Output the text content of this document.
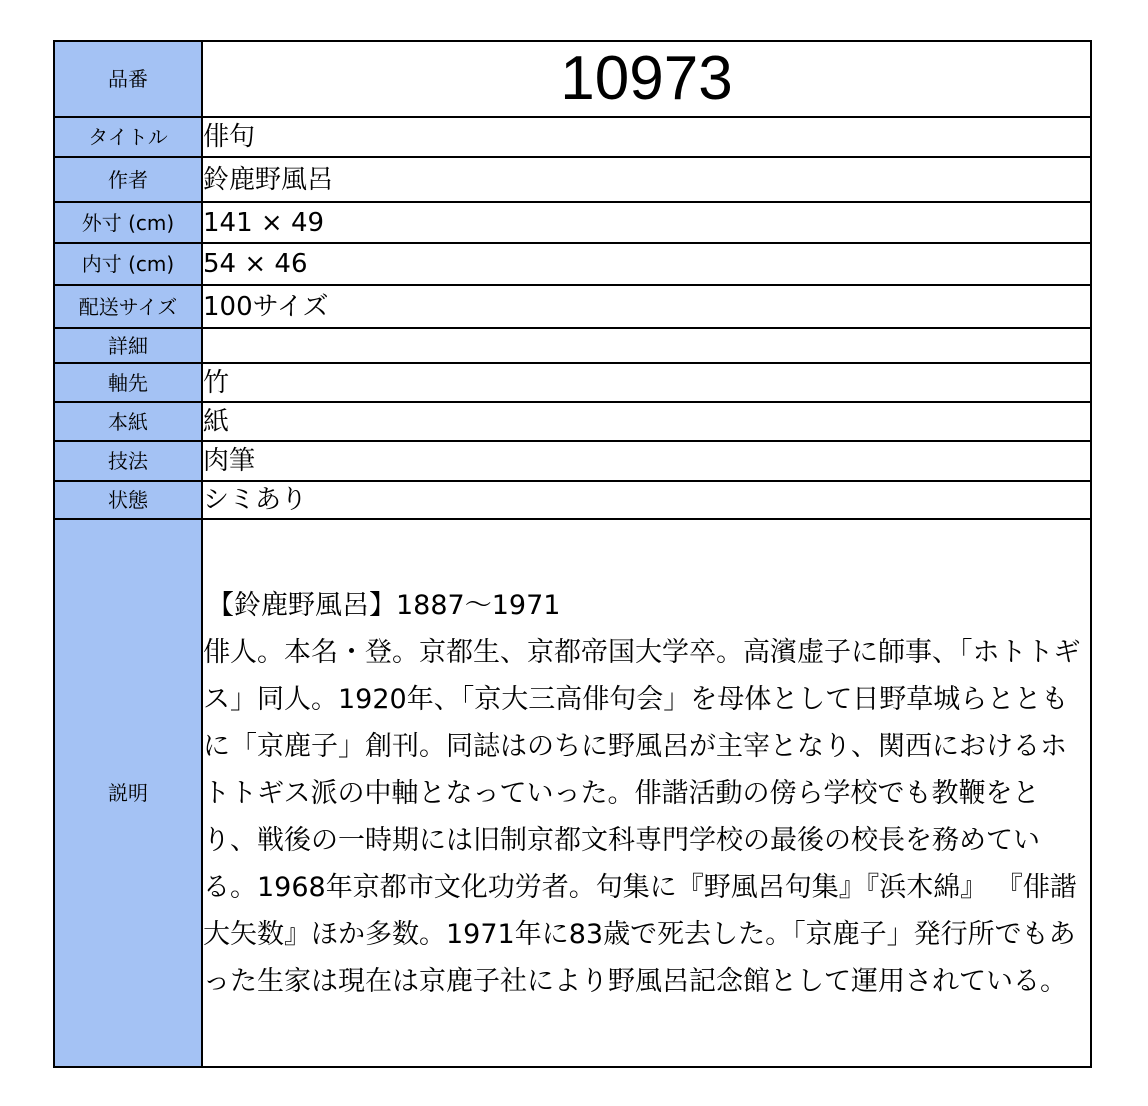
品番	10973
タイトル	俳句
作者	鈴鹿野風呂
外寸 (cm)	141 × 49
内寸 (cm)	54 × 46
配送サイズ	100サイズ
詳細	
軸先	竹
本紙	紙
技法	肉筆
状態	シミあり
説明	【鈴鹿野風呂】1887〜1971

俳人。本名・登。京都生、京都帝国大学卒。高濱虚子に師事、「ホトトギス」同人。1920年、「京大三高俳句会」を母体として日野草城らとともに「京鹿子」創刊。同誌はのちに野風呂が主宰となり、関西におけるホトトギス派の中軸となっていった。俳諧活動の傍ら学校でも教鞭をとり、戦後の一時期には旧制京都文科専門学校の最後の校長を務めている。1968年京都市文化功労者。句集に『野風呂句集』『浜木綿』 『俳諧大矢数』ほか多数。1971年に83歳で死去した。「京鹿子」発行所でもあった生家は現在は京鹿子社により野風呂記念館として運用されている。
